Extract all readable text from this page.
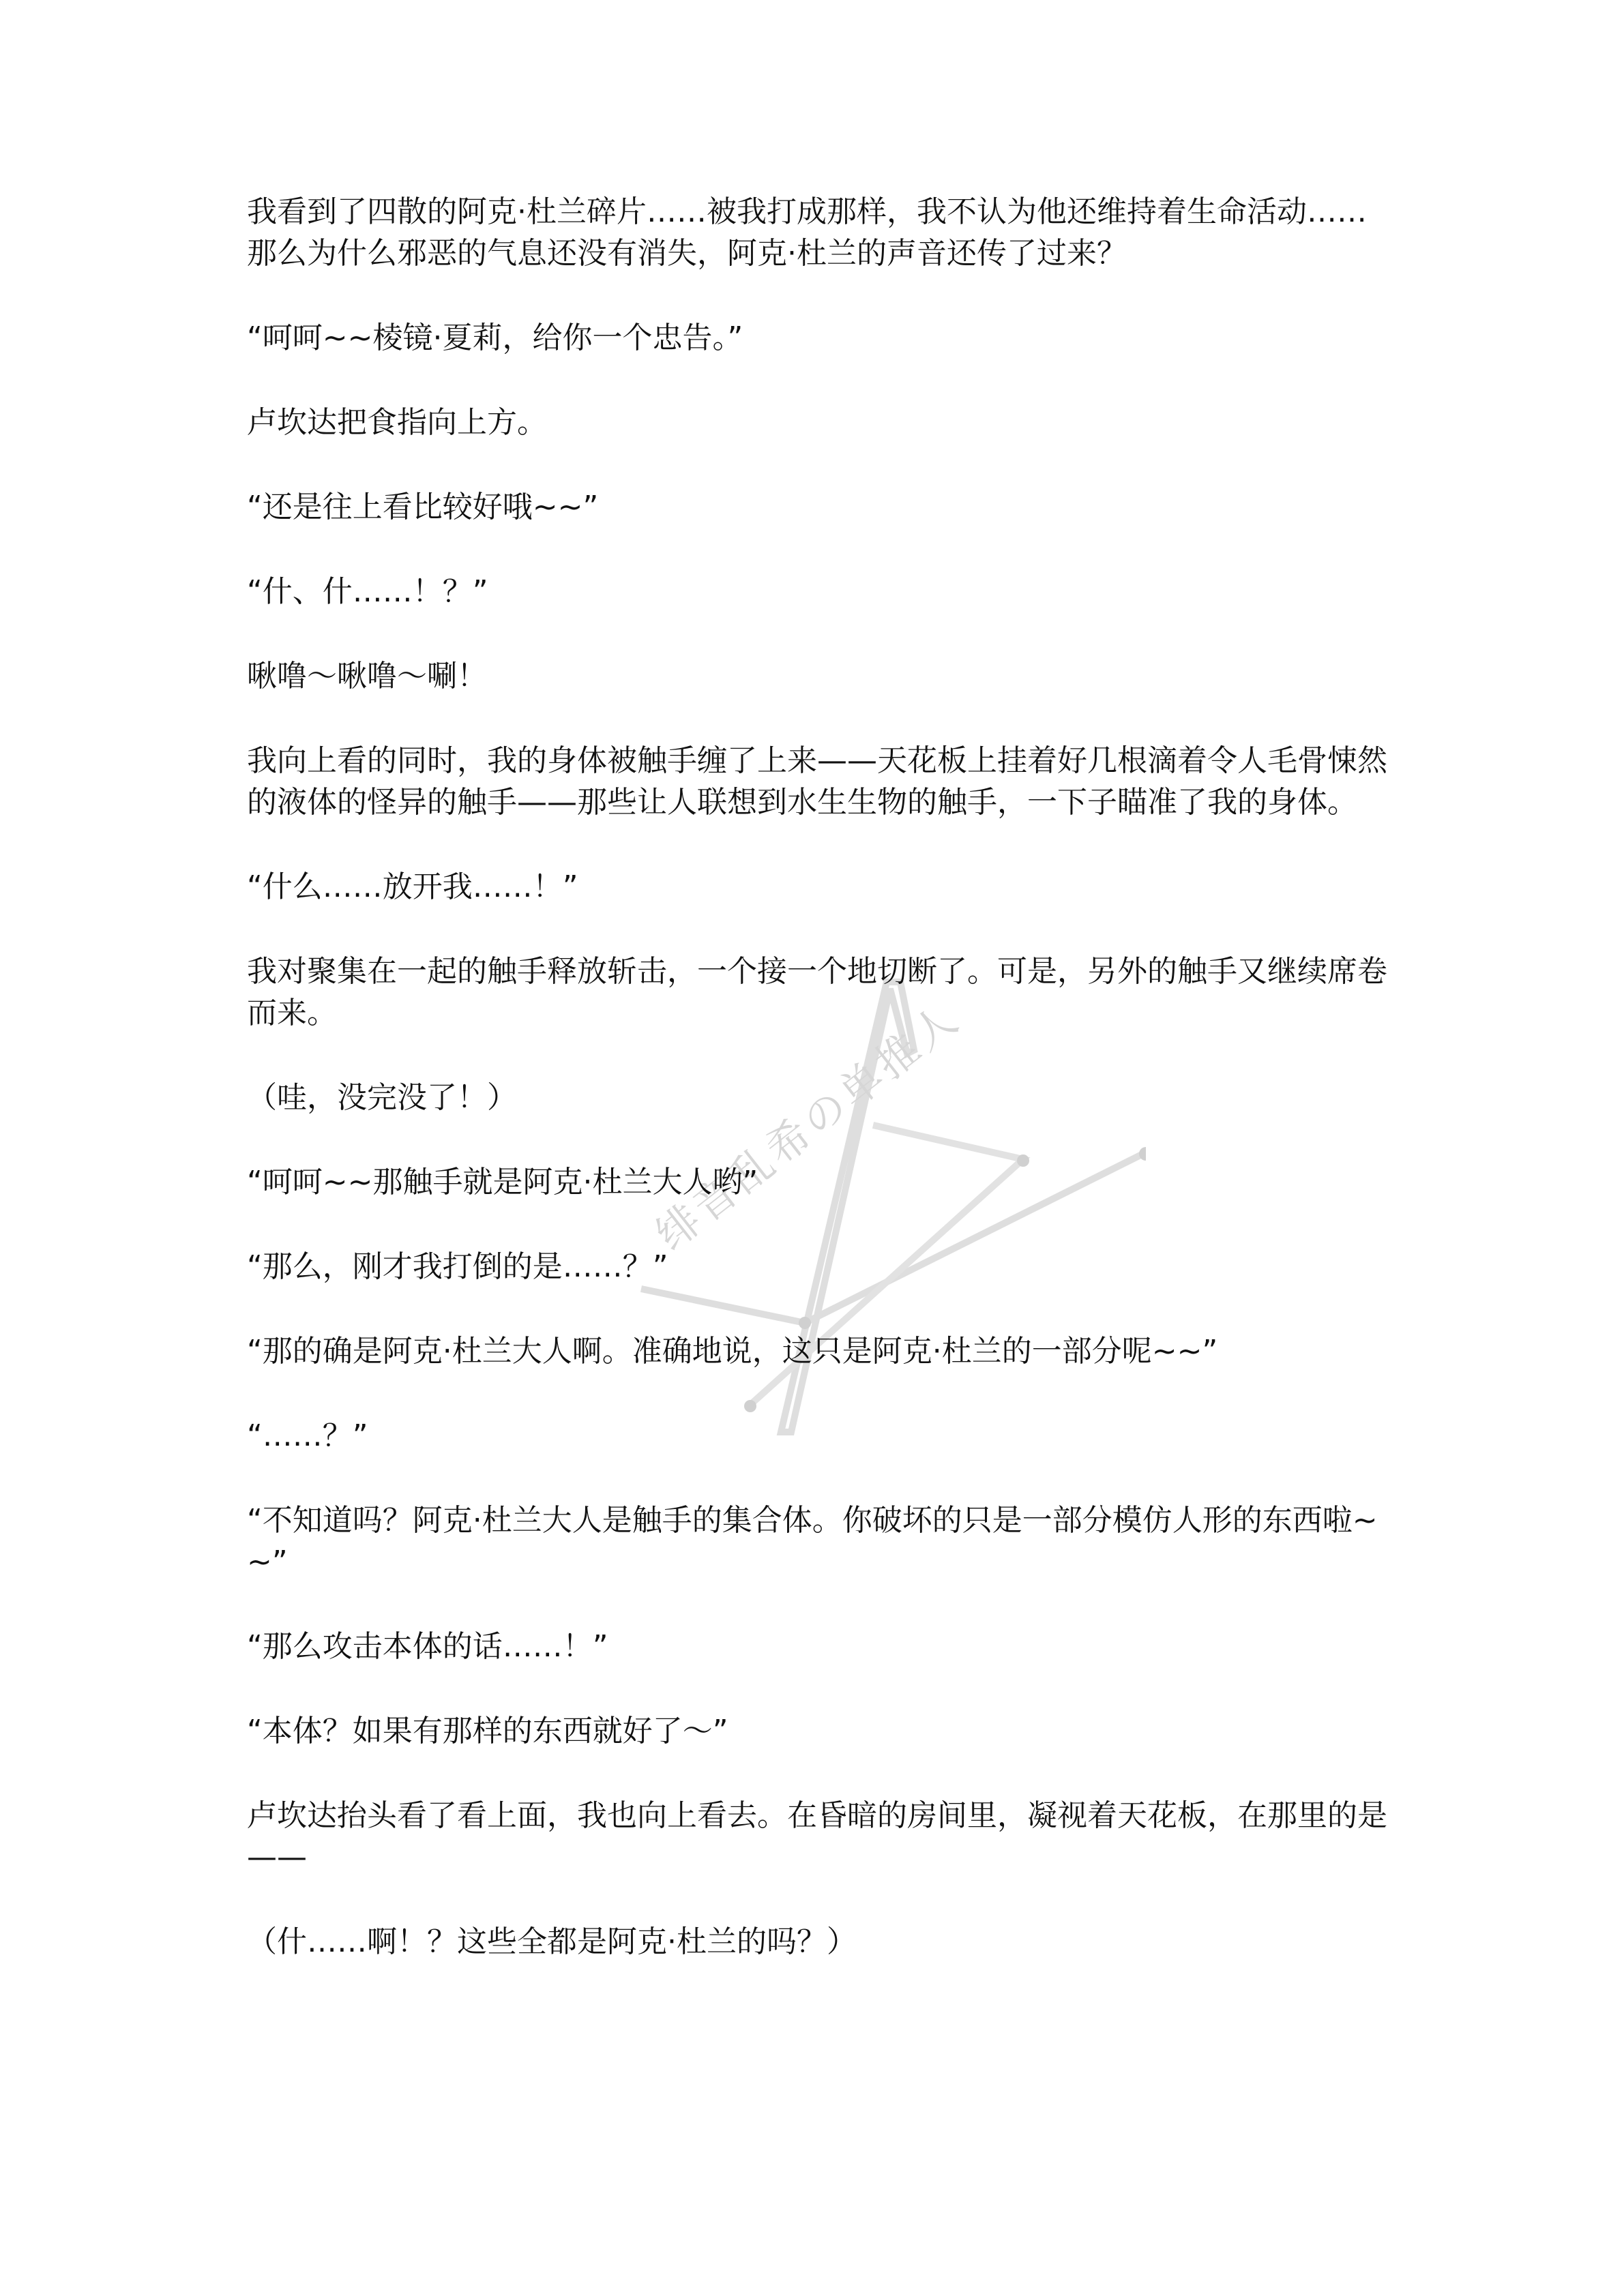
绯音乱希の单推人

我看到了四散的阿克·杜兰碎片……被我打成那样，我不认为他还维持着生命活动……那么为什么邪恶的气息还没有消失，阿克·杜兰的声音还传了过来？

“呵呵~~棱镜·夏莉，给你一个忠告。”

卢坎达把食指向上方。

“还是往上看比较好哦~~”

“什、什……！？”

啾噜～啾噜～唰！

我向上看的同时，我的身体被触手缠了上来——天花板上挂着好几根滴着令人毛骨悚然的液体的怪异的触手——那些让人联想到水生生物的触手，一下子瞄准了我的身体。

“什么……放开我……！”

我对聚集在一起的触手释放斩击，一个接一个地切断了。可是，另外的触手又继续席卷而来。

（哇，没完没了！）

“呵呵~~那触手就是阿克·杜兰大人哟”

“那么，刚才我打倒的是……？”

“那的确是阿克·杜兰大人啊。准确地说，这只是阿克·杜兰的一部分呢~~”

“……？”

“不知道吗？阿克·杜兰大人是触手的集合体。你破坏的只是一部分模仿人形的东西啦~~”

“那么攻击本体的话……！”

“本体？如果有那样的东西就好了～”

卢坎达抬头看了看上面，我也向上看去。在昏暗的房间里，凝视着天花板，在那里的是——

（什……啊！？这些全都是阿克·杜兰的吗？）
